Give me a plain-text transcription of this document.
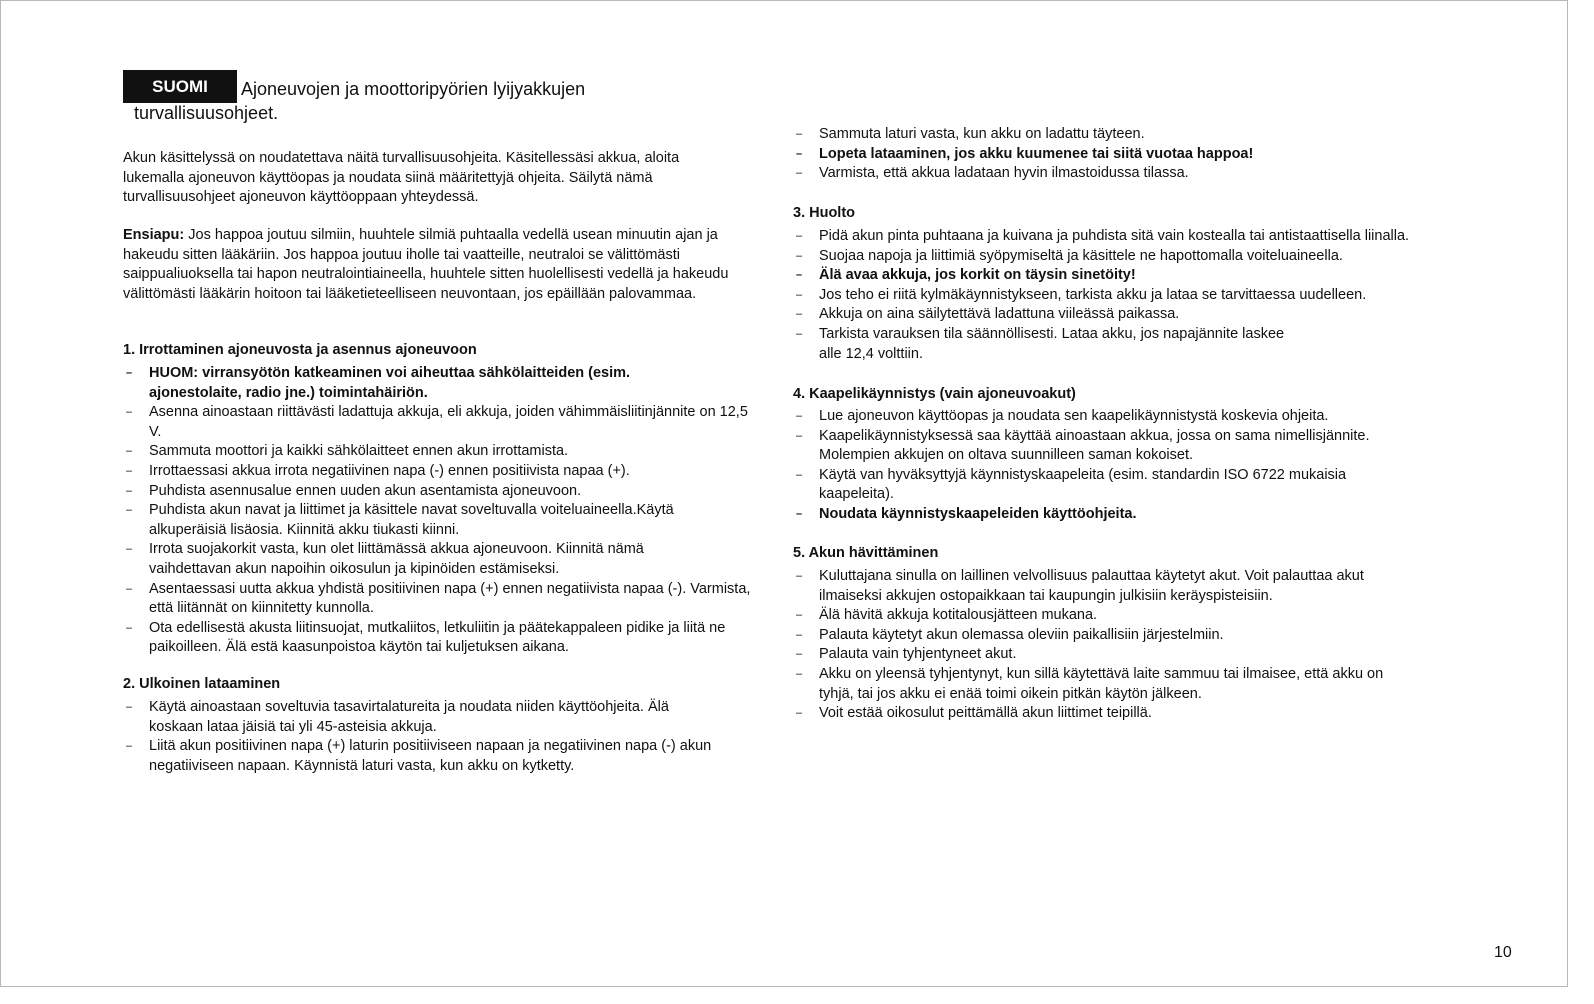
SUOMI Ajoneuvojen ja moottoripyörien lyijyakkujen
turvallisuusohjeet.

Akun käsittelyssä on noudatettava näitä turvallisuusohjeita. Käsitellessäsi akkua, aloita lukemalla ajoneuvon käyttöopas ja noudata siinä määritettyjä ohjeita. Säilytä nämä turvallisuusohjeet ajoneuvon käyttöoppaan yhteydessä.

Ensiapu: Jos happoa joutuu silmiin, huuhtele silmiä puhtaalla vedellä usean minuutin ajan ja hakeudu sitten lääkäriin. Jos happoa joutuu iholle tai vaatteille, neutraloi se välittömästi saippualiuoksella tai hapon neutralointiaineella, huuhtele sitten huolellisesti vedellä ja hakeudu välittömästi lääkärin hoitoon tai lääketieteelliseen neuvontaan, jos epäillään palovammaa.

1. Irrottaminen ajoneuvosta ja asennus ajoneuvoon
– HUOM: virransyötön katkeaminen voi aiheuttaa sähkölaitteiden (esim. ajonestolaite, radio jne.) toimintahäiriön.
– Asenna ainoastaan riittävästi ladattuja akkuja, eli akkuja, joiden vähimmäisliitinjännite on 12,5 V.
– Sammuta moottori ja kaikki sähkölaitteet ennen akun irrottamista.
– Irrottaessasi akkua irrota negatiivinen napa (-) ennen positiivista napaa (+).
– Puhdista asennusalue ennen uuden akun asentamista ajoneuvoon.
– Puhdista akun navat ja liittimet ja käsittele navat soveltuvalla voiteluaineella.Käytä alkuperäisiä lisäosia. Kiinnitä akku tiukasti kiinni.
– Irrota suojakorkit vasta, kun olet liittämässä akkua ajoneuvoon. Kiinnitä nämä vaihdettavan akun napoihin oikosulun ja kipinöiden estämiseksi.
– Asentaessasi uutta akkua yhdistä positiivinen napa (+) ennen negatiivista napaa (-). Varmista, että liitännät on kiinnitetty kunnolla.
– Ota edellisestä akusta liitinsuojat, mutkaliitos, letkuliitin ja päätekappaleen pidike ja liitä ne paikoilleen. Älä estä kaasunpoistoa käytön tai kuljetuksen aikana.
2. Ulkoinen lataaminen
– Käytä ainoastaan soveltuvia tasavirtalatureita ja noudata niiden käyttöohjeita. Älä koskaan lataa jäisiä tai yli 45-asteisia akkuja.
– Liitä akun positiivinen napa (+) laturin positiiviseen napaan ja negatiivinen napa (-) akun negatiiviseen napaan. Käynnistä laturi vasta, kun akku on kytketty.
– Sammuta laturi vasta, kun akku on ladattu täyteen.
– Lopeta lataaminen, jos akku kuumenee tai siitä vuotaa happoa!
– Varmista, että akkua ladataan hyvin ilmastoidussa tilassa.
3. Huolto
– Pidä akun pinta puhtaana ja kuivana ja puhdista sitä vain kostealla tai antistaattisella liinalla.
– Suojaa napoja ja liittimiä syöpymiseltä ja käsittele ne hapottomalla voiteluaineella.
– Älä avaa akkuja, jos korkit on täysin sinetöity!
– Jos teho ei riitä kylmäkäynnistykseen, tarkista akku ja lataa se tarvittaessa uudelleen.
– Akkuja on aina säilytettävä ladattuna viileässä paikassa.
– Tarkista varauksen tila säännöllisesti. Lataa akku, jos napajännite laskee alle 12,4 volttiin.
4. Kaapelikäynnistys (vain ajoneuvoakut)
– Lue ajoneuvon käyttöopas ja noudata sen kaapelikäynnistystä koskevia ohjeita.
– Kaapelikäynnistyksessä saa käyttää ainoastaan akkua, jossa on sama nimellisjännite. Molempien akkujen on oltava suunnilleen saman kokoiset.
– Käytä van hyväksyttyjä käynnistyskaapeleita (esim. standardin ISO 6722 mukaisia kaapeleita).
– Noudata käynnistyskaapeleiden käyttöohjeita.
5. Akun hävittäminen
– Kuluttajana sinulla on laillinen velvollisuus palauttaa käytetyt akut. Voit palauttaa akut ilmaiseksi akkujen ostopaikkaan tai kaupungin julkisiin keräyspisteisiin.
– Älä hävitä akkuja kotitalousjätteen mukana.
– Palauta käytetyt akun olemassa oleviin paikallisiin järjestelmiin.
– Palauta vain tyhjentyneet akut.
– Akku on yleensä tyhjentynyt, kun sillä käytettävä laite sammuu tai ilmaisee, että akku on tyhjä, tai jos akku ei enää toimi oikein pitkän käytön jälkeen.
– Voit estää oikosulut peittämällä akun liittimet teipillä.
10
